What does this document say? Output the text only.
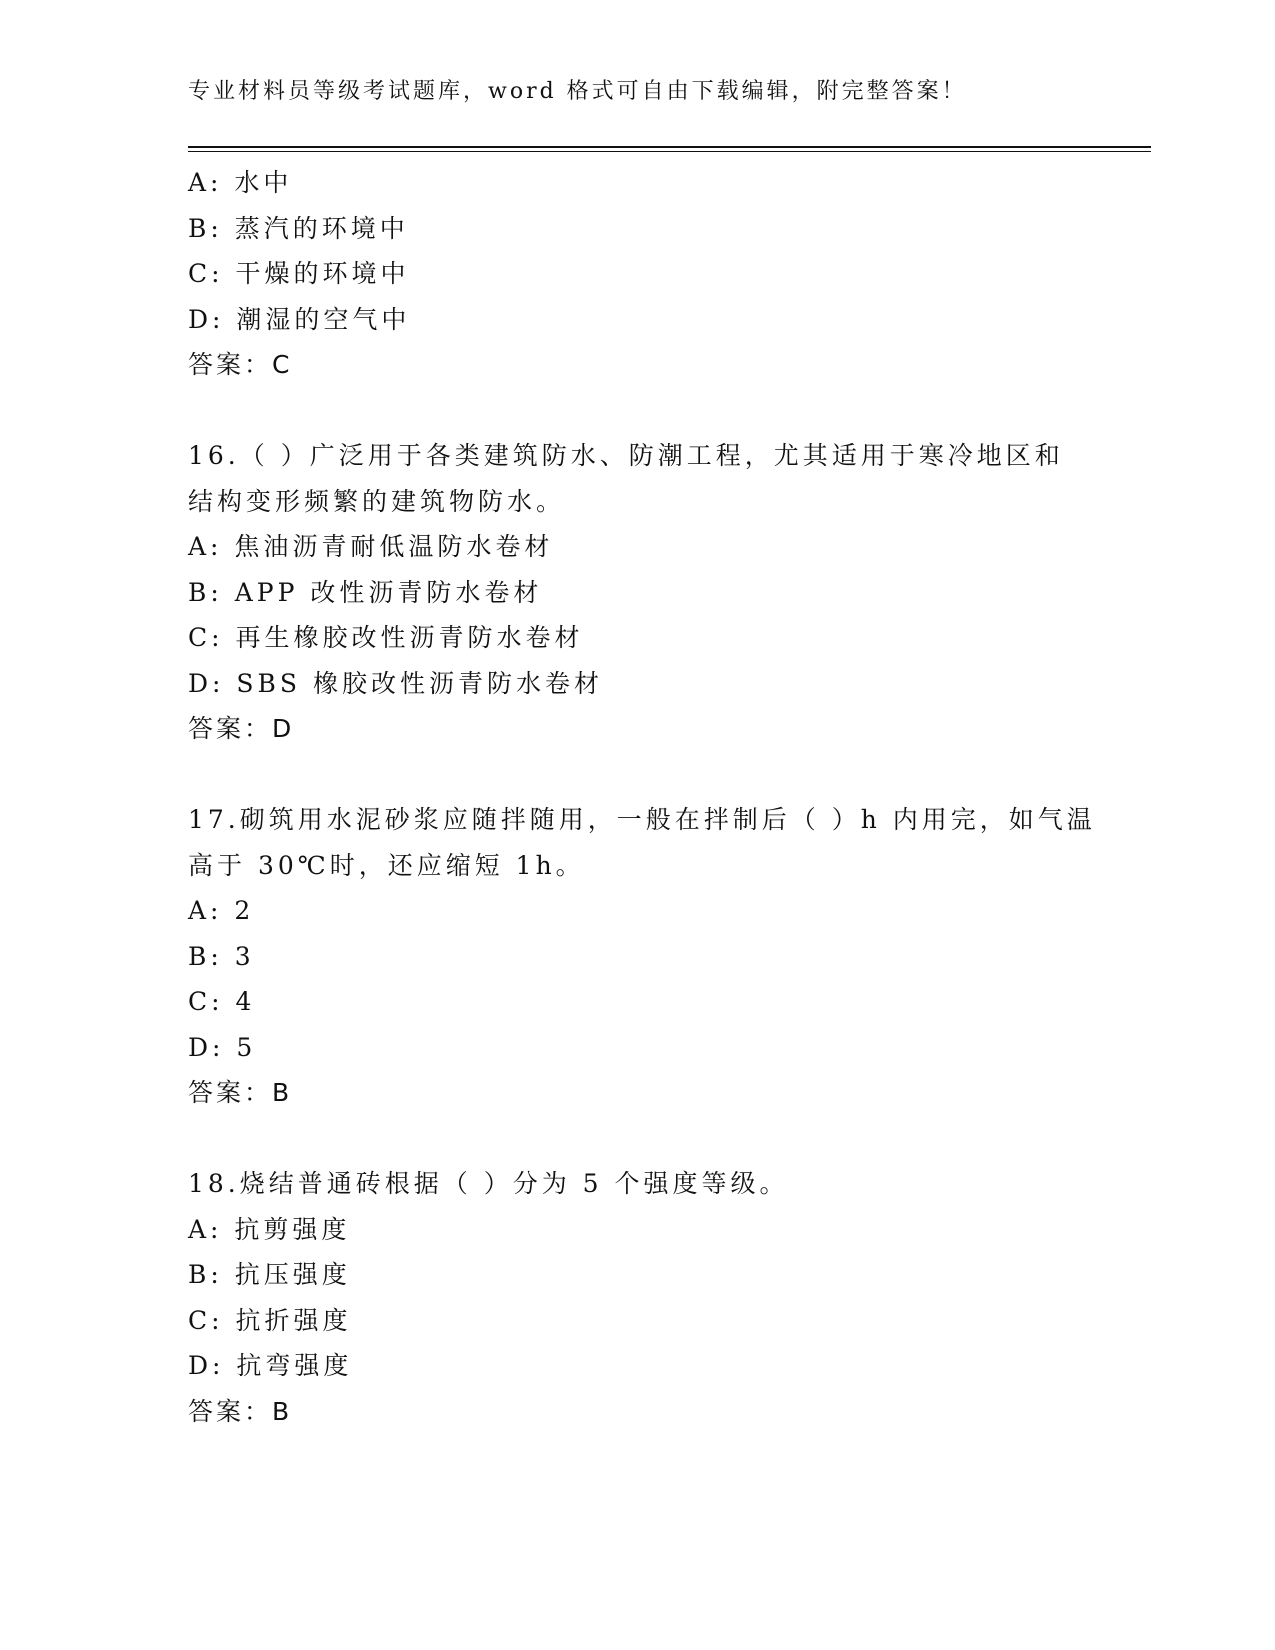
专业材料员等级考试题库，word 格式可自由下载编辑，附完整答案！
A: 水中
B: 蒸汽的环境中
C: 干燥的环境中
D: 潮湿的空气中
答案：C
16.（ ）广泛用于各类建筑防水、防潮工程，尤其适用于寒冷地区和
结构变形频繁的建筑物防水。
A: 焦油沥青耐低温防水卷材
B: APP 改性沥青防水卷材
C: 再生橡胶改性沥青防水卷材
D: SBS 橡胶改性沥青防水卷材
答案：D
17.砌筑用水泥砂浆应随拌随用，一般在拌制后（ ）h 内用完，如气温
高于 30℃时，还应缩短 1h。
A: 2
B: 3
C: 4
D: 5
答案：B
18.烧结普通砖根据（ ）分为 5 个强度等级。
A: 抗剪强度
B: 抗压强度
C: 抗折强度
D: 抗弯强度
答案：B
